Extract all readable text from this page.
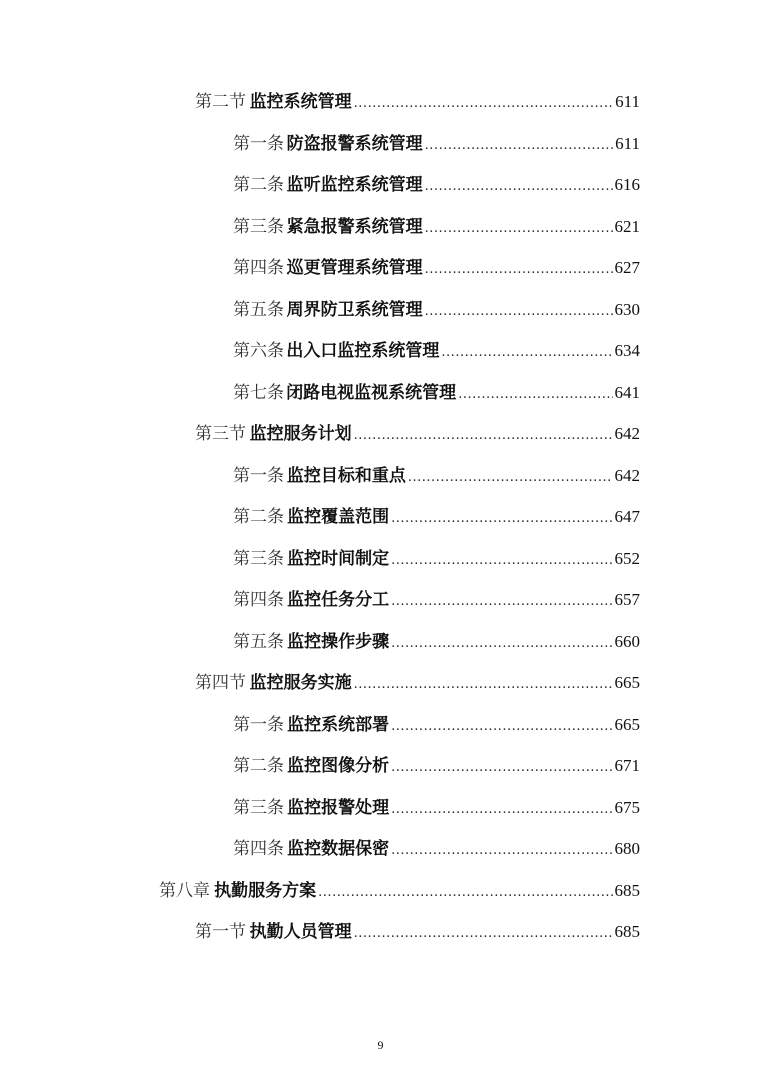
第二节 监控系统管理 .....	611
第一条 防盗报警系统管理 .....	611
第二条 监听监控系统管理 .....	616
第三条 紧急报警系统管理 .....	621
第四条 巡更管理系统管理 .....	627
第五条 周界防卫系统管理 .....	630
第六条 出入口监控系统管理 .....	634
第七条 闭路电视监视系统管理 .....	641
第三节 监控服务计划 .....	642
第一条 监控目标和重点 .....	642
第二条 监控覆盖范围 .....	647
第三条 监控时间制定 .....	652
第四条 监控任务分工 .....	657
第五条 监控操作步骤 .....	660
第四节 监控服务实施 .....	665
第一条 监控系统部署 .....	665
第二条 监控图像分析 .....	671
第三条 监控报警处理 .....	675
第四条 监控数据保密 .....	680
第八章 执勤服务方案 .....	685
第一节 执勤人员管理 .....	685
9
